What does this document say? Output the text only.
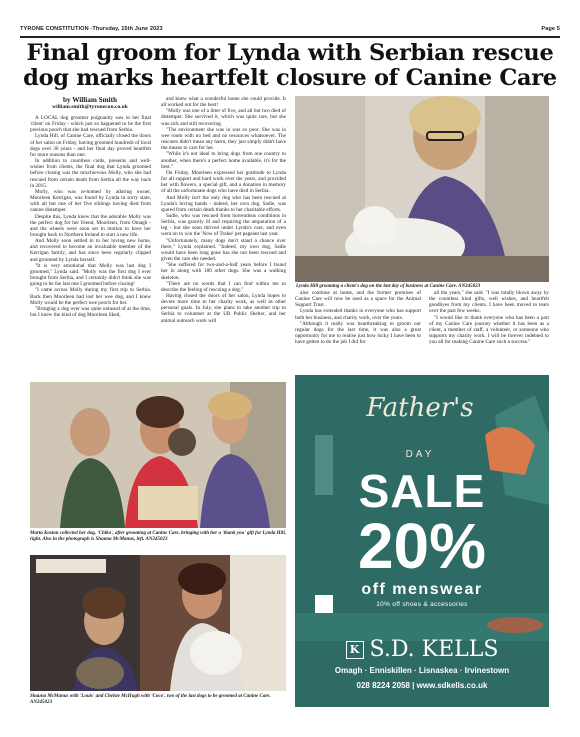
TYRONE CONSTITUTION -Thursday, 15th June 2023	Page 5
Final groom for Lynda with Serbian rescue dog marks heartfelt closure of Canine Care
by William Smith
william.smith@tyronecon.co.uk

A LOCAL dog groomer poignantly saw to her final 'client' on Friday - which just so happened to be the first precious pooch that she had rescued from Serbia.

Lynda Hill, of Canine Care, officially closed the doors of her salon on Friday, having groomed hundreds of local dogs over 30 years - and her final day proved heartfelt for more reasons than one.

In addition to countless cards, presents and well-wishes from clients, the final dog that Lynda groomed before closing was the mischievous Molly, who she had rescued from certain death from Serbia all the way back in 2015.

Molly, who was re-homed by adoring owner, Moorleen Kerrigan, was found by Lynda in sorry state, with all but one of her five siblings having died from canine distemper.

Despite this, Lynda knew that the adorable Molly was the perfect dog for her friend, Moorleen, from Omagh - and the wheels were soon set in motion to have her brought back to Northern Ireland to start a new life.

And Molly soon settled in to her loving new home, and recovered to become an invaluable member of the Kerrigan family, and has since been regularly clipped and groomed by Lynda herself.

"It is very emotional that Molly was last dog I groomed," Lynda said. "Molly was the first dog I ever brought from Serbia, and I certainly didn't think she was going to be the last one I groomed before closing!

"I came across Molly during my first trip to Serbia. Back then Moorleen had lost her wee dog, and I knew Molly would be the perfect wee pooch for her.

"Bringing a dog over was quite unheard of at the time, but I knew the kind of dog Moorleen liked,

and knew what a wonderful home she could provide. It all worked out for the best!

"Molly was one of a litter of five, and all but two died of distemper. She survived it, which was quite rare, but she was sick and still recovering.

"The environment she was in was so poor. She was in wee room with no bed and no resources whatsoever. The rescuers didn't mean any harm, they just simply didn't have the means to care for her.

"While it's not ideal to bring dogs from one country to another, when there's a perfect home available, it's for the best."

On Friday, Moorleen expressed her gratitude to Lynda for all support and hard work over the years, and provided her with flowers, a special gift, and a donation in memory of all the unfortunate dogs who have died in Serbia.

And Molly isn't the only dog who has been rescued at Lynda's loving hands - indeed, her own dog, Sadie, was spared from certain death thanks to her charitable efforts.

Sadie, who was rescued from horrendous conditions in Serbia, was gravely ill and requiring the amputation of a leg - but she soon thrived under Lynda's care, and even went on to win the 'Now of Tralee' pet pageant last year.

"Unfortunately, many dogs don't stand a chance over there," Lynda explained. "Indeed, my own dog, Sadie would have been long gone has she not been rescued and given the care she needed.

"She suffered for two-and-a-half years before I found her in along with 180 other dogs. She was a walking skeleton.

"There are no words that I can find within me to describe the feeling of rescuing a dog."

Having closed the doors of her salon, Lynda hopes to devote more time to her charity work, as well as other personal goals. In July, she plans to take another trip to Serbia to volunteer at the UB Public Shelter, and her animal outreach work will

also continue at home, and the former premises of Canine Care will now be used as a space for the Animal Support Trust.

Lynda has extended thanks to everyone who has support both her business, and charity work, over the years.

"Although it really was heartbreaking to groom our regular dogs for the last time, it was also a great opportunity for me to realise just how lucky I have been to have gotten to do the job I did for

all the years," she said. "I was totally blown away by the countless kind gifts, well wishes, and heartfelt goodbyes from my clients. I have been moved to tears over the past few weeks.

"I would like to thank everyone who has been a part of my Canine Care journey whether it has been as a client, a member of staff, a volunteer, or someone who supports my charity work. I will be forever indebted to you all for making Canine Care such a success."

Lynda Hill grooming a client's dog on the last day of business at Canine Care. AN245023
Marta Kostan collected her dog, 'Chiko', after grooming at Canine Care, bringing with her a 'thank you' gift for Lynda Hill, right. Also in the photograph is Shauna McManus, left. AN245023
Shauna McManus with 'Louis' and Chelsie McHugh with 'Coco', two of the last dogs to be groomed at Canine Care. AN245023
Father's
DAY
SALE
20%
off menswear
10% off shoes & accessories
K S.D. KELLS
Omagh · Enniskillen · Lisnaskea · Irvinestown
028 8224 2058 | www.sdkells.co.uk
